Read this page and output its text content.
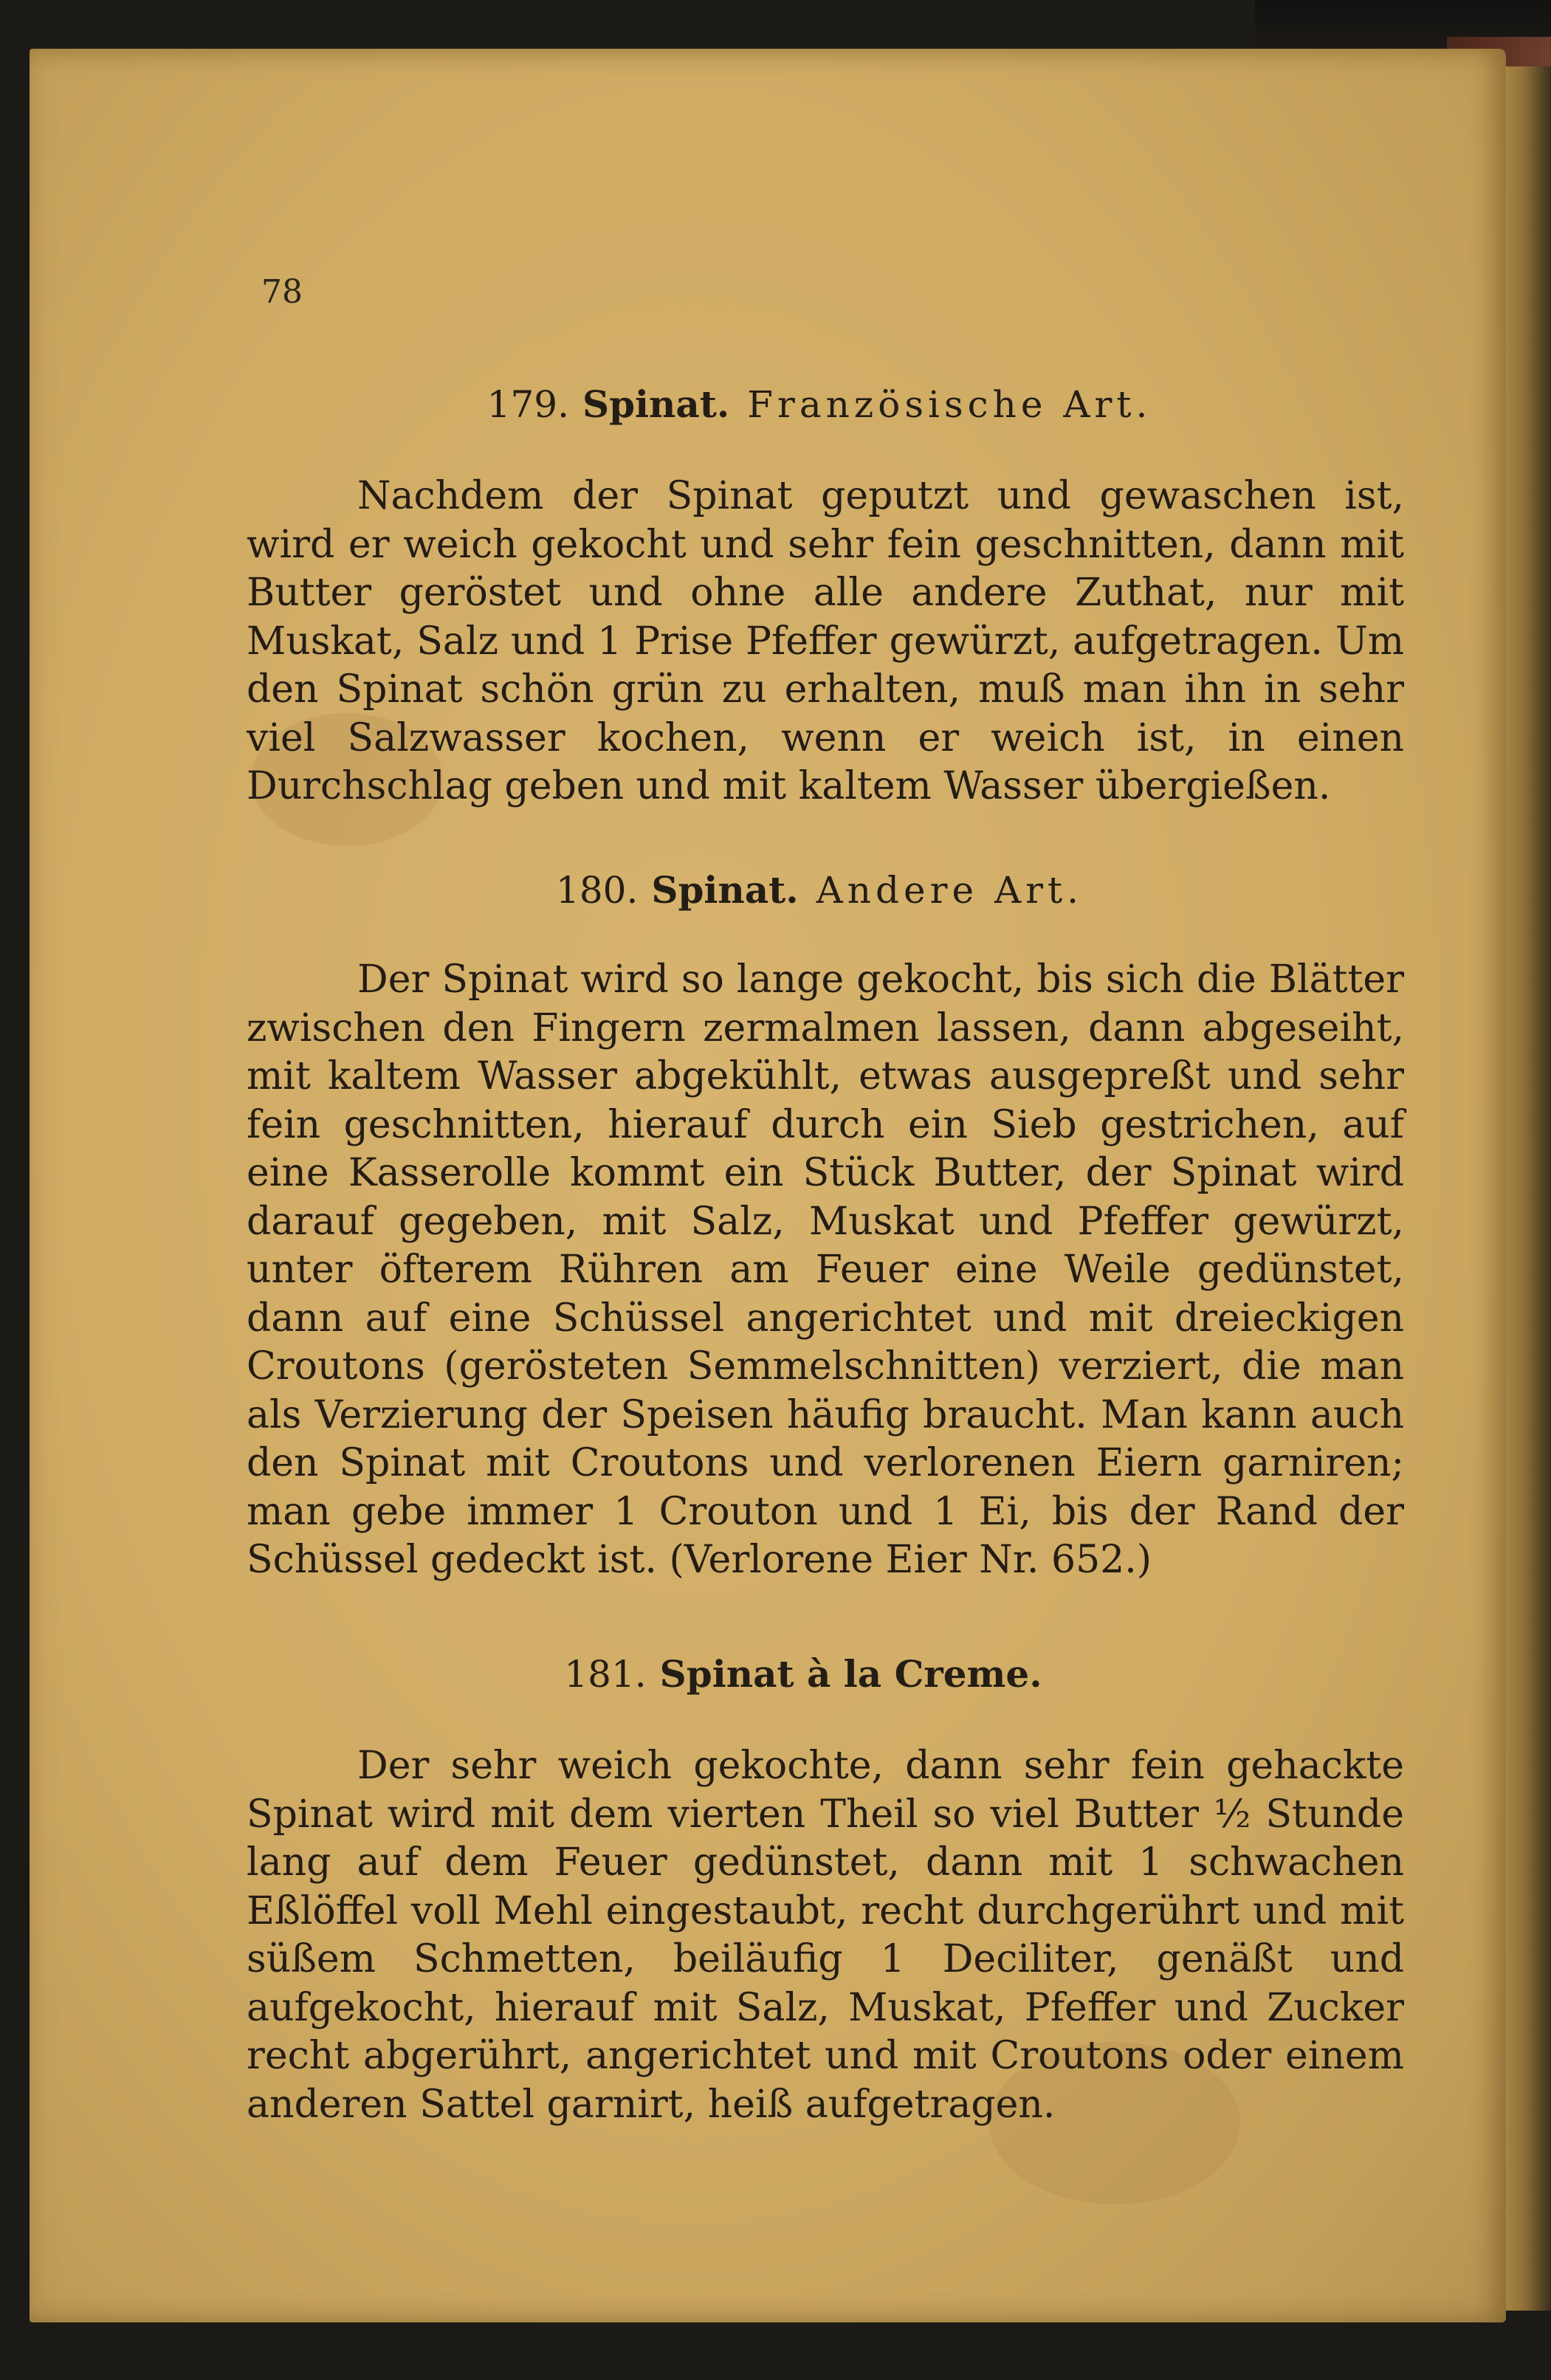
78
179. Spinat. Französische Art.
Nachdem der Spinat geputzt und gewaschen ist, wird er weich gekocht und sehr fein geschnitten, dann mit Butter geröstet und ohne alle andere Zuthat, nur mit Muskat, Salz und 1 Prise Pfeffer gewürzt, aufgetragen. Um den Spinat schön grün zu erhalten, muß man ihn in sehr viel Salzwasser kochen, wenn er weich ist, in einen Durchschlag geben und mit kaltem Wasser übergießen.
180. Spinat. Andere Art.
Der Spinat wird so lange gekocht, bis sich die Blätter zwischen den Fingern zermalmen lassen, dann abgeseiht, mit kaltem Wasser abgekühlt, etwas ausgepreßt und sehr fein geschnitten, hierauf durch ein Sieb gestrichen, auf eine Kasserolle kommt ein Stück Butter, der Spinat wird darauf gegeben, mit Salz, Muskat und Pfeffer gewürzt, unter öfterem Rühren am Feuer eine Weile gedünstet, dann auf eine Schüssel angerichtet und mit dreieckigen Croutons (gerösteten Semmelschnitten) verziert, die man als Verzierung der Speisen häufig braucht. Man kann auch den Spinat mit Croutons und verlorenen Eiern garniren; man gebe immer 1 Crouton und 1 Ei, bis der Rand der Schüssel gedeckt ist. (Verlorene Eier Nr. 652.)
181. Spinat à la Creme.
Der sehr weich gekochte, dann sehr fein gehackte Spinat wird mit dem vierten Theil so viel Butter ½ Stunde lang auf dem Feuer gedünstet, dann mit 1 schwachen Eßlöffel voll Mehl eingestaubt, recht durchgerührt und mit süßem Schmetten, beiläufig 1 Deciliter, genäßt und aufgekocht, hierauf mit Salz, Muskat, Pfeffer und Zucker recht abgerührt, angerichtet und mit Croutons oder einem anderen Sattel garnirt, heiß aufgetragen.
